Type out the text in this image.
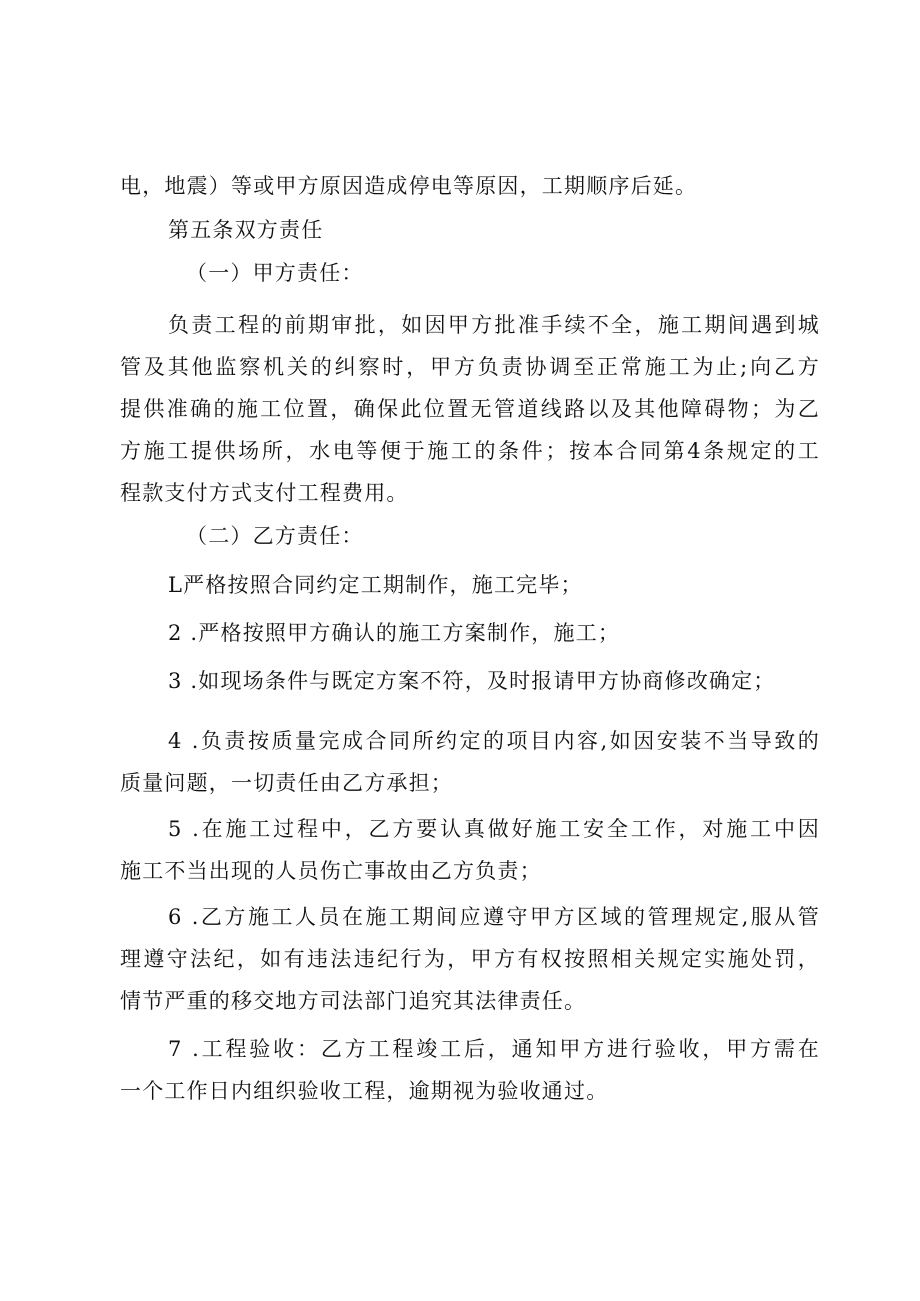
电，地震）等或甲方原因造成停电等原因，工期顺序后延。
第五条双方责任
（一）甲方责任：
负责工程的前期审批，如因甲方批准手续不全，施工期间遇到城
管及其他监察机关的纠察时，甲方负责协调至正常施工为止;向乙方
提供准确的施工位置，确保此位置无管道线路以及其他障碍物；为乙
方施工提供场所，水电等便于施工的条件；按本合同第4条规定的工
程款支付方式支付工程费用。
（二）乙方责任：
L严格按照合同约定工期制作，施工完毕；
2 .严格按照甲方确认的施工方案制作，施工；
3 .如现场条件与既定方案不符，及时报请甲方协商修改确定；
4 .负责按质量完成合同所约定的项目内容,如因安装不当导致的
质量问题，一切责任由乙方承担；
5 .在施工过程中，乙方要认真做好施工安全工作，对施工中因
施工不当出现的人员伤亡事故由乙方负责；
6 .乙方施工人员在施工期间应遵守甲方区域的管理规定,服从管
理遵守法纪，如有违法违纪行为，甲方有权按照相关规定实施处罚，
情节严重的移交地方司法部门追究其法律责任。
7 .工程验收：乙方工程竣工后，通知甲方进行验收，甲方需在
一个工作日内组织验收工程，逾期视为验收通过。
